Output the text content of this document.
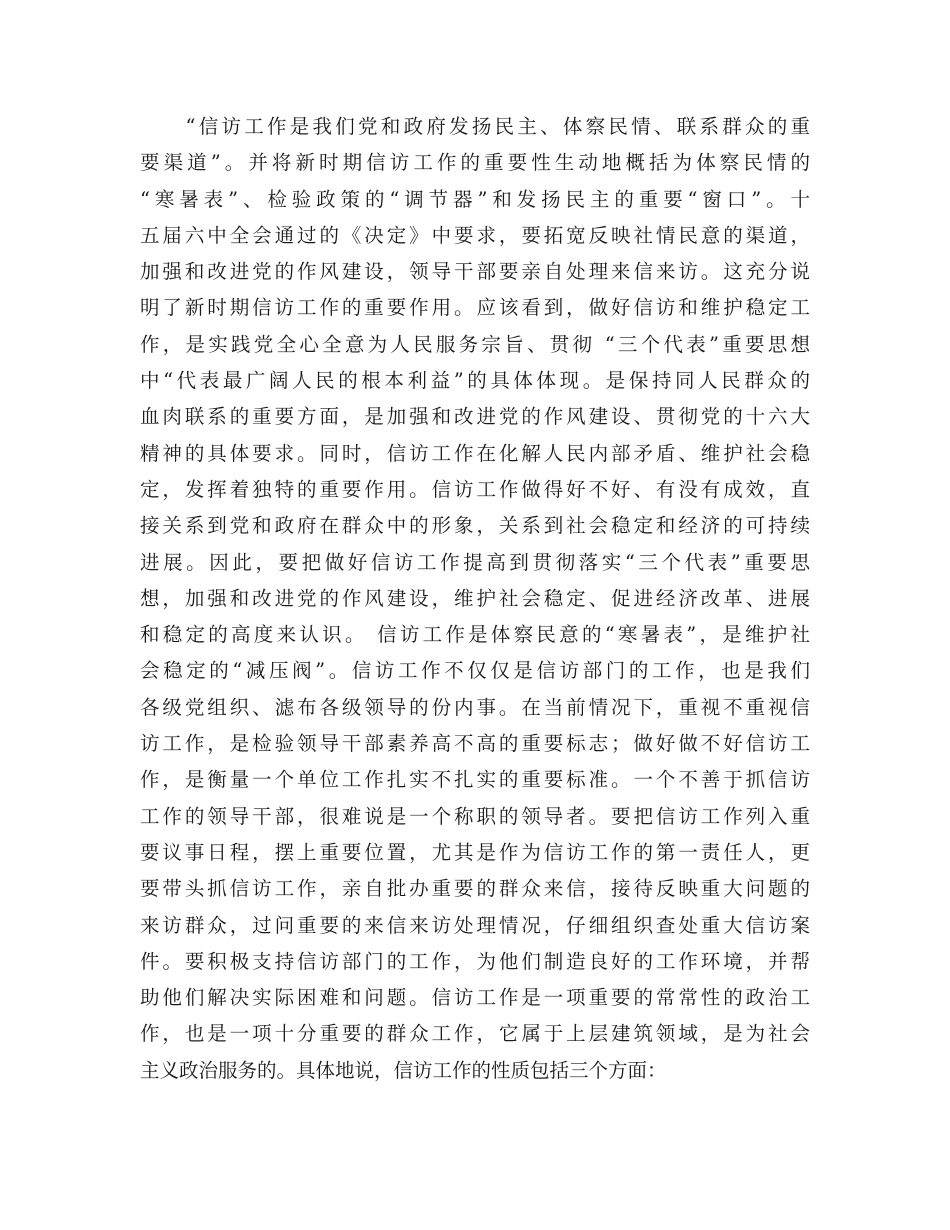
　　“信访工作是我们党和政府发扬民主、体察民情、联系群众的重
要渠道”。并将新时期信访工作的重要性生动地概括为体察民情的
“寒暑表”、检验政策的“调节器”和发扬民主的重要“窗口”。十
五届六中全会通过的《决定》中要求，要拓宽反映社情民意的渠道，
加强和改进党的作风建设，领导干部要亲自处理来信来访。这充分说
明了新时期信访工作的重要作用。应该看到，做好信访和维护稳定工
作，是实践党全心全意为人民服务宗旨、贯彻 “三个代表”重要思想
中“代表最广阔人民的根本利益”的具体体现。是保持同人民群众的
血肉联系的重要方面，是加强和改进党的作风建设、贯彻党的十六大
精神的具体要求。同时，信访工作在化解人民内部矛盾、维护社会稳
定，发挥着独特的重要作用。信访工作做得好不好、有没有成效，直
接关系到党和政府在群众中的形象，关系到社会稳定和经济的可持续
进展。因此，要把做好信访工作提高到贯彻落实“三个代表”重要思
想，加强和改进党的作风建设，维护社会稳定、促进经济改革、进展
和稳定的高度来认识。 信访工作是体察民意的“寒暑表”，是维护社
会稳定的“减压阀”。信访工作不仅仅是信访部门的工作，也是我们
各级党组织、滤布各级领导的份内事。在当前情况下，重视不重视信
访工作，是检验领导干部素养高不高的重要标志；做好做不好信访工
作，是衡量一个单位工作扎实不扎实的重要标准。一个不善于抓信访
工作的领导干部，很难说是一个称职的领导者。要把信访工作列入重
要议事日程，摆上重要位置，尤其是作为信访工作的第一责任人，更
要带头抓信访工作，亲自批办重要的群众来信，接待反映重大问题的
来访群众，过问重要的来信来访处理情况，仔细组织查处重大信访案
件。要积极支持信访部门的工作，为他们制造良好的工作环境，并帮
助他们解决实际困难和问题。信访工作是一项重要的常常性的政治工
作，也是一项十分重要的群众工作，它属于上层建筑领域，是为社会
主义政治服务的。具体地说，信访工作的性质包括三个方面：
